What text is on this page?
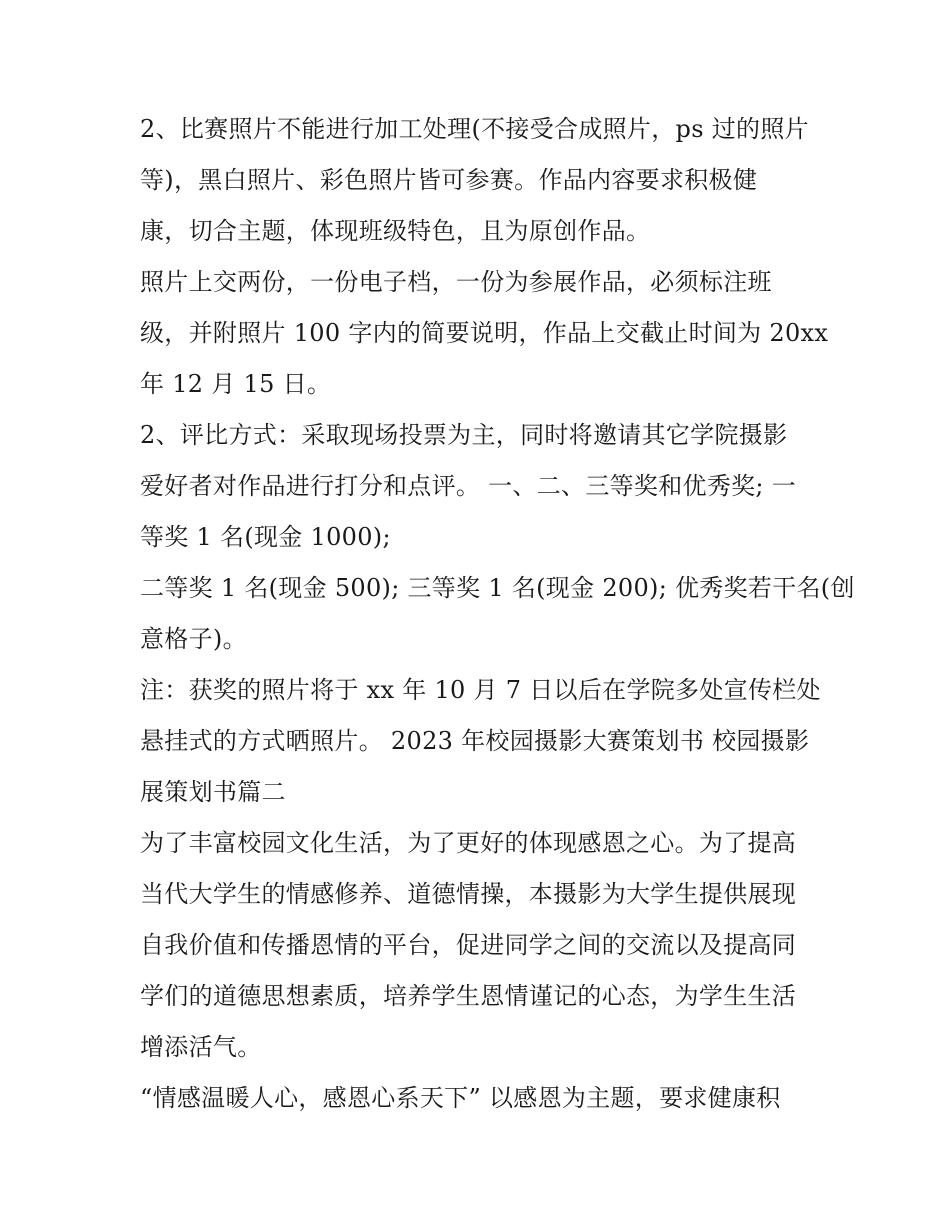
2、比赛照片不能进行加工处理(不接受合成照片，ps 过的照片
等)，黑白照片、彩色照片皆可参赛。作品内容要求积极健
康，切合主题，体现班级特色，且为原创作品。
照片上交两份，一份电子档，一份为参展作品，必须标注班
级，并附照片 100 字内的简要说明，作品上交截止时间为 20xx
年 12 月 15 日。
2、评比方式：采取现场投票为主，同时将邀请其它学院摄影
爱好者对作品进行打分和点评。 一、二、三等奖和优秀奖; 一
等奖 1 名(现金 1000);
二等奖 1 名(现金 500); 三等奖 1 名(现金 200); 优秀奖若干名(创
意格子)。
注：获奖的照片将于 xx 年 10 月 7 日以后在学院多处宣传栏处
悬挂式的方式晒照片。 2023 年校园摄影大赛策划书 校园摄影
展策划书篇二
为了丰富校园文化生活，为了更好的体现感恩之心。为了提高
当代大学生的情感修养、道德情操，本摄影为大学生提供展现
自我价值和传播恩情的平台，促进同学之间的交流以及提高同
学们的道德思想素质，培养学生恩情谨记的心态，为学生生活
增添活气。
“情感温暖人心，感恩心系天下” 以感恩为主题，要求健康积
